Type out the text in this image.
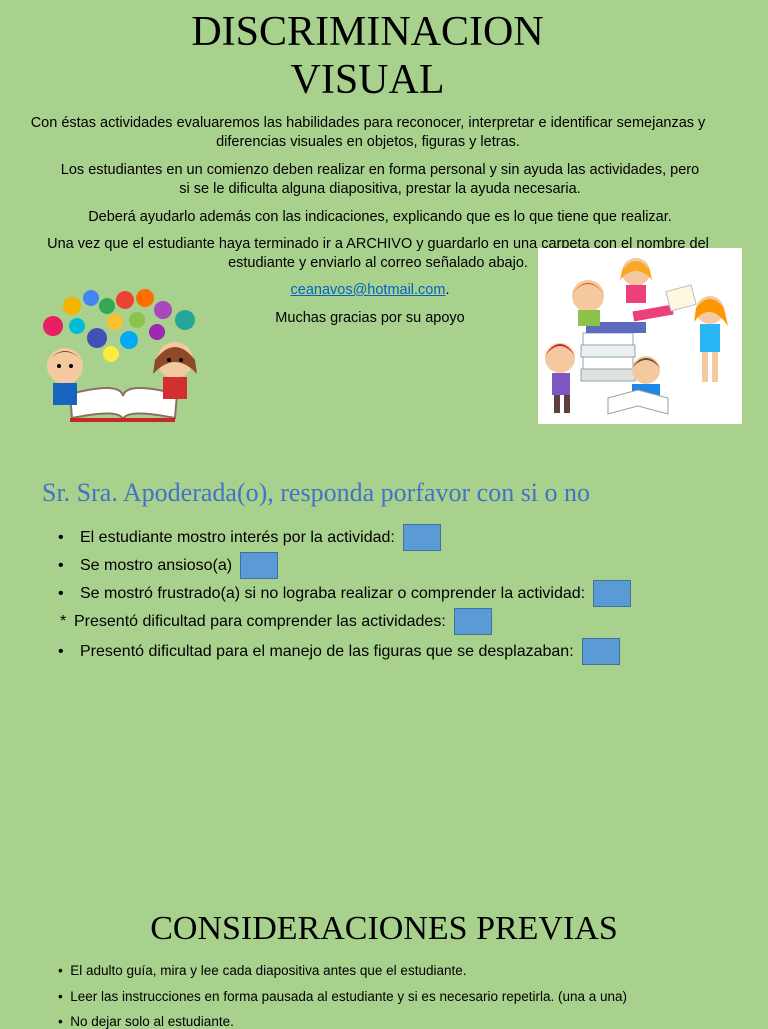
DISCRIMINACION
VISUAL
Con éstas actividades evaluaremos las habilidades para reconocer, interpretar e identificar semejanzas y diferencias visuales en objetos, figuras y letras.
Los estudiantes en un comienzo deben realizar en forma personal y sin ayuda las actividades, pero si se le dificulta alguna diapositiva, prestar la ayuda necesaria.
Deberá ayudarlo además con las indicaciones, explicando que es lo que tiene que realizar.
Una vez que el estudiante haya terminado ir a ARCHIVO y guardarlo en una carpeta con el nombre del estudiante y enviarlo al correo señalado abajo.
ceanavos@hotmail.com.
Muchas gracias por su apoyo
Sr. Sra. Apoderada(o), responda porfavor con si o no
•	El estudiante mostro interés por la actividad:
•	Se mostro ansioso(a)
•	Se mostró frustrado(a) si no lograba realizar o comprender la actividad:
* Presentó dificultad para comprender las actividades:
•	Presentó dificultad para el manejo de las figuras que se desplazaban:
CONSIDERACIONES PREVIAS
•  El adulto guía, mira y lee cada diapositiva antes que el estudiante.
•  Leer las instrucciones en forma pausada al estudiante y si es necesario repetirla. (una a una)
•  No dejar solo al estudiante.
